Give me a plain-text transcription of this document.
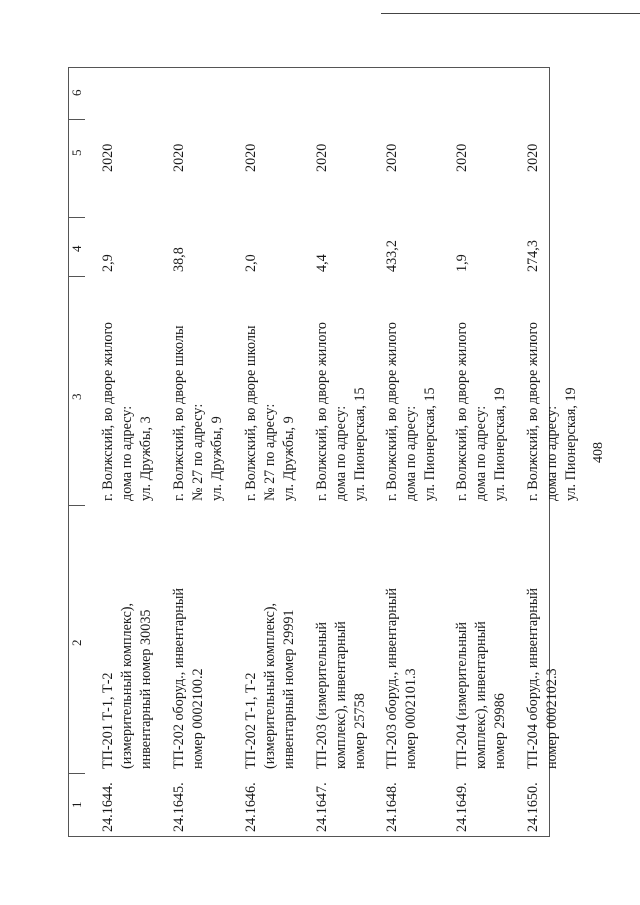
408
1
2
3
4
5
6
24.1644.
ТП-201 Т-1, Т-2 (измерительный комплекс), инвентарный номер 30035
г. Волжский, во дворе жилого дома по адресу: ул. Дружбы, 3
2,9
2020
24.1645.
ТП-202 оборуд., инвентарный номер 0002100.2
г. Волжский, во дворе школы № 27 по адресу: ул. Дружбы, 9
38,8
2020
24.1646.
ТП-202 Т-1, Т-2 (измерительный комплекс), инвентарный номер 29991
г. Волжский, во дворе школы № 27 по адресу: ул. Дружбы, 9
2,0
2020
24.1647.
ТП-203 (измерительный комплекс), инвентарный номер 25758
г. Волжский, во дворе жилого дома по адресу: ул. Пионерская, 15
4,4
2020
24.1648.
ТП-203 оборуд., инвентарный номер 0002101.3
г. Волжский, во дворе жилого дома по адресу: ул. Пионерская, 15
433,2
2020
24.1649.
ТП-204 (измерительный комплекс), инвентарный номер 29986
г. Волжский, во дворе жилого дома по адресу: ул. Пионерская, 19
1,9
2020
24.1650.
ТП-204 оборуд., инвентарный номер 0002102.3
г. Волжский, во дворе жилого дома по адресу: ул. Пионерская, 19
274,3
2020
